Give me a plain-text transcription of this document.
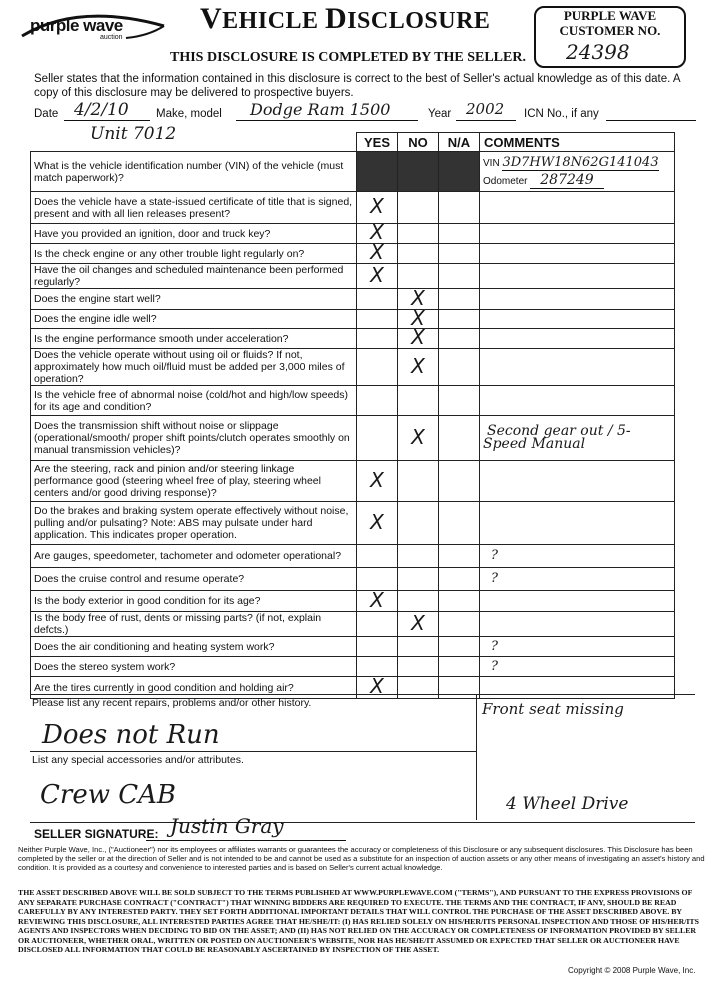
purple wave
auction
VEHICLE DISCLOSURE
THIS DISCLOSURE IS COMPLETED BY THE SELLER.
PURPLE WAVE
CUSTOMER NO.
24398
Seller states that the information contained in this disclosure is correct to the best of Seller's actual knowledge as of this date. A copy of this disclosure may be delivered to prospective buyers.
Date 4/2/10 Make, model Dodge Ram 1500	Year 2002 ICN No., if any
Unit 7012
		YES	NO	N/A	COMMENTS
What is the vehicle identification number (VIN) of the vehicle (must match paperwork)?				VIN 3D7HW18N62G141043
Odometer 287249

Does the vehicle have a state-issued certificate of title that is signed, present and with all lien releases present?	X			
Have you provided an ignition, door and truck key?	X			
Is the check engine or any other trouble light regularly on?	X			
Have the oil changes and scheduled maintenance been performed regularly?	X			
Does the engine start well?		X		
Does the engine idle well?		X		
Is the engine performance smooth under acceleration?		X		
Does the vehicle operate without using oil or fluids? If not, approximately how much oil/fluid must be added per 3,000 miles of operation?		X		
Is the vehicle free of abnormal noise (cold/hot and high/low speeds) for its age and condition?				
Does the transmission shift without noise or slippage (operational/smooth/ proper shift points/clutch operates smoothly on manual transmission vehicles)?		X		Second gear out / 5-Speed Manual
Are the steering, rack and pinion and/or steering linkage performance good (steering wheel free of play, steering wheel centers and/or good driving response)?	X			
Do the brakes and braking system operate effectively without noise, pulling and/or pulsating? Note: ABS may pulsate under hard application. This indicates proper operation.	X			
Are gauges, speedometer, tachometer and odometer operational?				?
Does the cruise control and resume operate?				?
Is the body exterior in good condition for its age?	X			
Is the body free of rust, dents or missing parts? (if not, explain defcts.)		X		
Does the air conditioning and heating system work?				?
Does the stereo system work?				?
Are the tires currently in good condition and holding air?	X			
Please list any recent repairs, problems and/or other history.
Does not Run
Front seat missing
List any special accessories and/or attributes.
Crew CAB	4 Wheel Drive
SELLER SIGNATURE: Justin Gray
Neither Purple Wave, Inc., ("Auctioneer") nor its employees or affiliates warrants or guarantees the accuracy or completeness of this Disclosure or any subsequent disclosures. This Disclosure has been completed by the seller or at the direction of Seller and is not intended to be and cannot be used as a substitute for an inspection of auction assets or any other means of investigating an asset's history and condition. It is provided as a courtesy and convenience to interested parties and is based on Seller's current actual knowledge.
THE ASSET DESCRIBED ABOVE WILL BE SOLD SUBJECT TO THE TERMS PUBLISHED AT WWW.PURPLEWAVE.COM ("TERMS"), AND PURSUANT TO THE EXPRESS PROVISIONS OF ANY SEPARATE PURCHASE CONTRACT ("CONTRACT") THAT WINNING BIDDERS ARE REQUIRED TO EXECUTE. THE TERMS AND THE CONTRACT, IF ANY, SHOULD BE READ CAREFULLY BY ANY INTERESTED PARTY. THEY SET FORTH ADDITIONAL IMPORTANT DETAILS THAT WILL CONTROL THE PURCHASE OF THE ASSET DESCRIBED ABOVE. BY REVIEWING THIS DISCLOSURE, ALL INTERESTED PARTIES AGREE THAT HE/SHE/IT: (I) HAS RELIED SOLELY ON HIS/HER/ITS PERSONAL INSPECTION AND THOSE OF HIS/HER/ITS AGENTS AND INSPECTORS WHEN DECIDING TO BID ON THE ASSET; AND (II) HAS NOT RELIED ON THE ACCURACY OR COMPLETENESS OF INFORMATION PROVIDED BY SELLER OR AUCTIONEER, WHETHER ORAL, WRITTEN OR POSTED ON AUCTIONEER'S WEBSITE, NOR HAS HE/SHE/IT ASSUMED OR EXPECTED THAT SELLER OR AUCTIONEER HAVE DISCLOSED ALL INFORMATION THAT COULD BE REASONABLY ASCERTAINED BY INSPECTION OF THE ASSET.
Copyright © 2008 Purple Wave, Inc.
